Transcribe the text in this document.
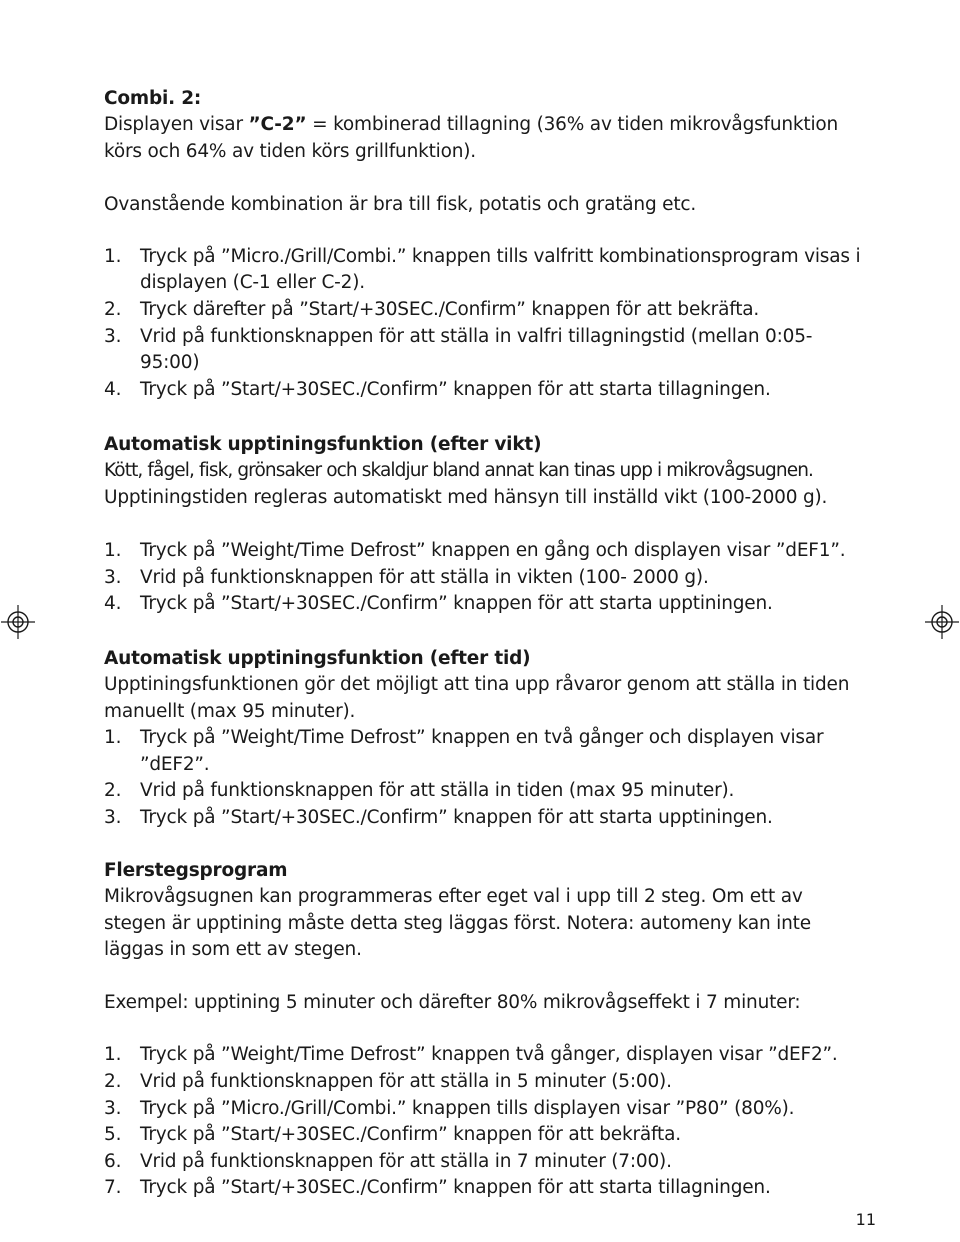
Combi. 2:
Displayen visar ”C-2” = kombinerad tillagning (36% av tiden mikrovågsfunktion
körs och 64% av tiden körs grillfunktion).
Ovanstående kombination är bra till fisk, potatis och gratäng etc.
1. Tryck på ”Micro./Grill/Combi.” knappen tills valfritt kombinationsprogram visas i displayen (C-1 eller C-2).
2. Tryck därefter på ”Start/+30SEC./Confirm” knappen för att bekräfta.
3. Vrid på funktionsknappen för att ställa in valfri tillagningstid (mellan 0:05-95:00)
4. Tryck på ”Start/+30SEC./Confirm” knappen för att starta tillagningen.
Automatisk upptiningsfunktion (efter vikt)
Kött, fågel, fisk, grönsaker och skaldjur bland annat kan tinas upp i mikrovågsugnen.
Upptiningstiden regleras automatiskt med hänsyn till inställd vikt (100-2000 g).
1. Tryck på ”Weight/Time Defrost” knappen en gång och displayen visar ”dEF1”.
3. Vrid på funktionsknappen för att ställa in vikten (100- 2000 g).
4. Tryck på ”Start/+30SEC./Confirm” knappen för att starta upptiningen.
Automatisk upptiningsfunktion (efter tid)
Upptiningsfunktionen gör det möjligt att tina upp råvaror genom att ställa in tiden manuellt (max 95 minuter).
1. Tryck på ”Weight/Time Defrost” knappen en två gånger och displayen visar ”dEF2”.
2. Vrid på funktionsknappen för att ställa in tiden (max 95 minuter).
3. Tryck på ”Start/+30SEC./Confirm” knappen för att starta upptiningen.
Flerstegsprogram
Mikrovågsugnen kan programmeras efter eget val i upp till 2 steg. Om ett av stegen är upptining måste detta steg läggas först. Notera: automeny kan inte läggas in som ett av stegen.
Exempel: upptining 5 minuter och därefter 80% mikrovågseffekt i 7 minuter:
1. Tryck på ”Weight/Time Defrost” knappen två gånger, displayen visar ”dEF2”.
2. Vrid på funktionsknappen för att ställa in 5 minuter (5:00).
3. Tryck på ”Micro./Grill/Combi.” knappen tills displayen visar ”P80” (80%).
5. Tryck på ”Start/+30SEC./Confirm” knappen för att bekräfta.
6. Vrid på funktionsknappen för att ställa in 7 minuter (7:00).
7. Tryck på ”Start/+30SEC./Confirm” knappen för att starta tillagningen.
11
